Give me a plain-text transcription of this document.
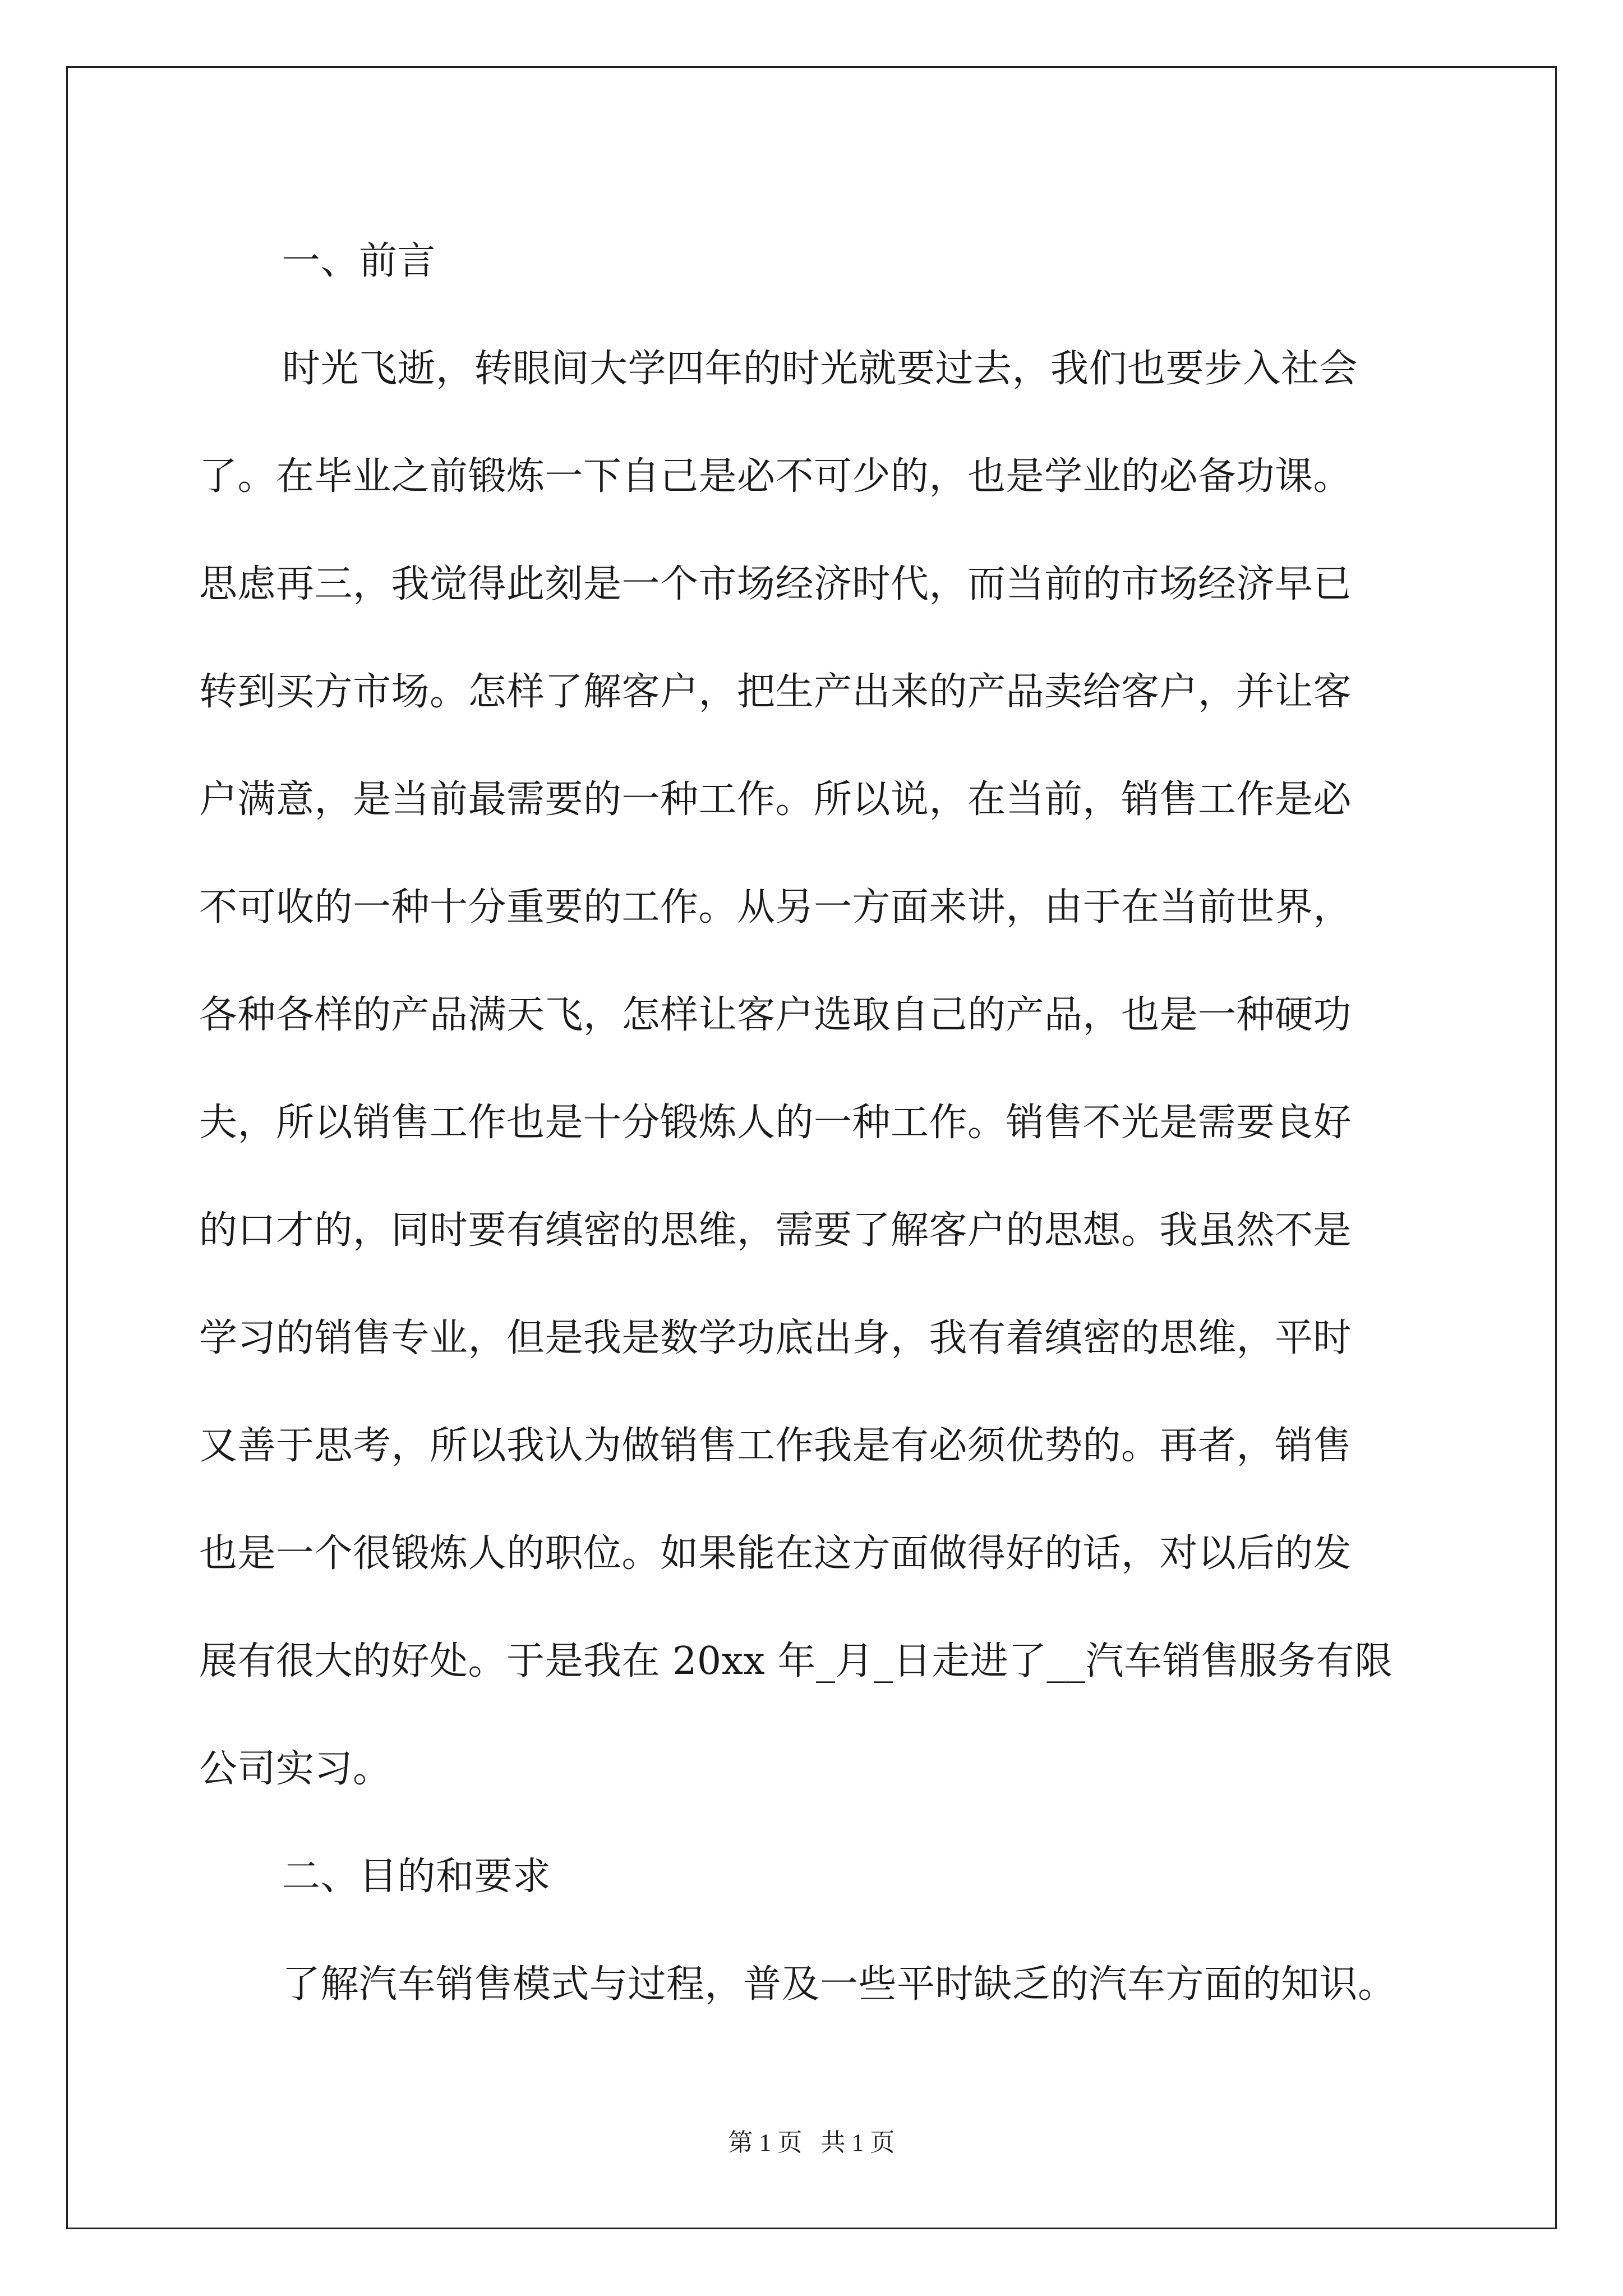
一、前言
时光飞逝，转眼间大学四年的时光就要过去，我们也要步入社会
了。在毕业之前锻炼一下自己是必不可少的，也是学业的必备功课。
思虑再三，我觉得此刻是一个市场经济时代，而当前的市场经济早已
转到买方市场。怎样了解客户，把生产出来的产品卖给客户，并让客
户满意，是当前最需要的一种工作。所以说，在当前，销售工作是必
不可收的一种十分重要的工作。从另一方面来讲，由于在当前世界，
各种各样的产品满天飞，怎样让客户选取自己的产品，也是一种硬功
夫，所以销售工作也是十分锻炼人的一种工作。销售不光是需要良好
的口才的，同时要有缜密的思维，需要了解客户的思想。我虽然不是
学习的销售专业，但是我是数学功底出身，我有着缜密的思维，平时
又善于思考，所以我认为做销售工作我是有必须优势的。再者，销售
也是一个很锻炼人的职位。如果能在这方面做得好的话，对以后的发
展有很大的好处。于是我在 20xx 年_月_日走进了__汽车销售服务有限
公司实习。
二、目的和要求
了解汽车销售模式与过程，普及一些平时缺乏的汽车方面的知识。
第 1 页   共 1 页
